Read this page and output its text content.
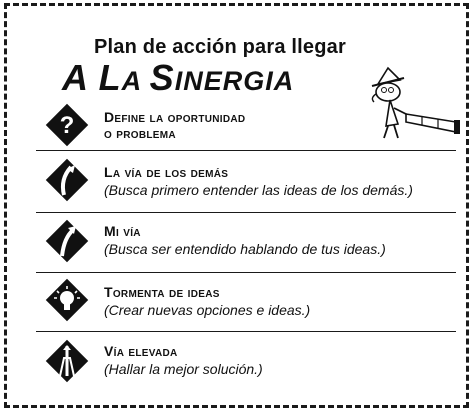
Plan de acción para llegar
A LA SINERGIA
? Define la oportunidad
o problema
La vía de los demás
(Busca primero entender las ideas de los demás.)
Mi vía
(Busca ser entendido hablando de tus ideas.)
Tormenta de ideas
(Crear nuevas opciones e ideas.)
Vía elevada
(Hallar la mejor solución.)
